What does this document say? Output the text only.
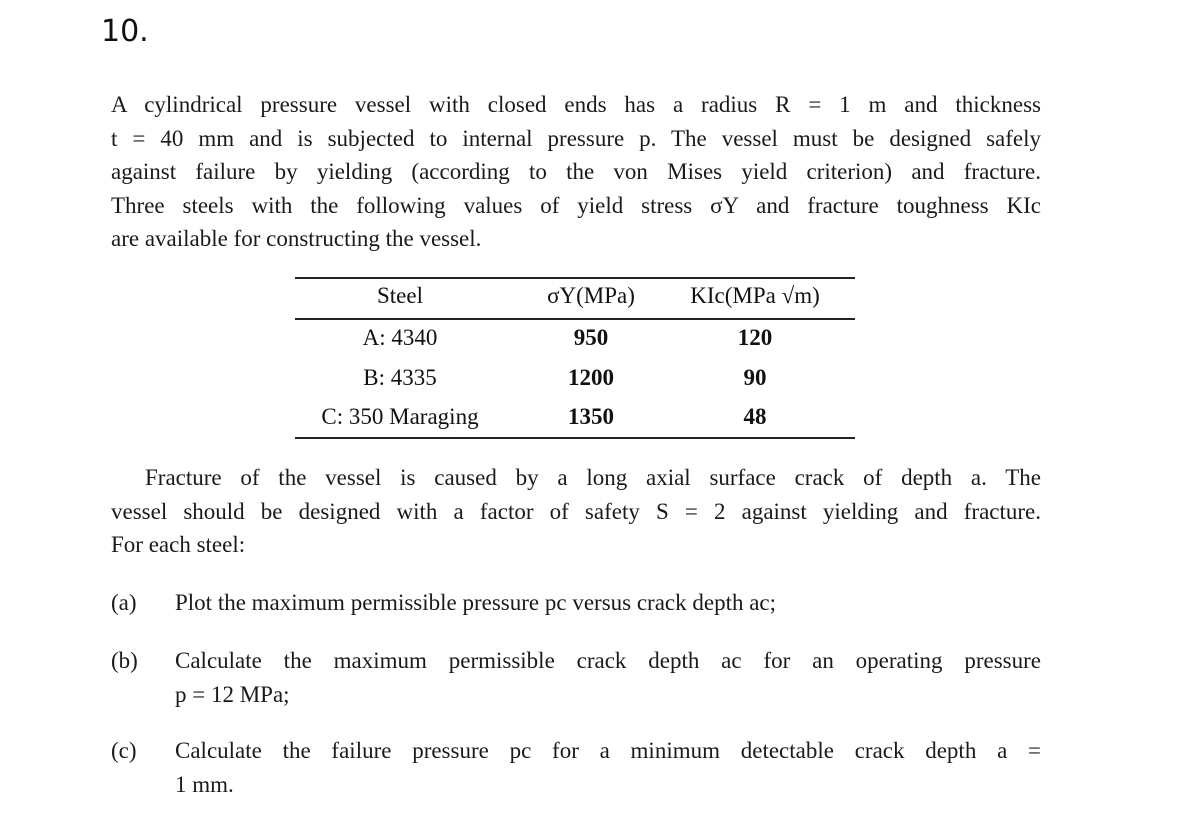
10.
A cylindrical pressure vessel with closed ends has a radius R = 1 m and thickness
t = 40 mm and is subjected to internal pressure p. The vessel must be designed safely
against failure by yielding (according to the von Mises yield criterion) and fracture.
Three steels with the following values of yield stress σY and fracture toughness KIc
are available for constructing the vessel.
Steel	σY(MPa)	KIc(MPa √m)
A: 4340	950	120
B: 4335	1200	90
C: 350 Maraging	1350	48
Fracture of the vessel is caused by a long axial surface crack of depth a. The
vessel should be designed with a factor of safety S = 2 against yielding and fracture.
For each steel:
(a) Plot the maximum permissible pressure pc versus crack depth ac;
(b) Calculate the maximum permissible crack depth ac for an operating pressure
p = 12 MPa;
(c) Calculate the failure pressure pc for a minimum detectable crack depth a =
1 mm.
